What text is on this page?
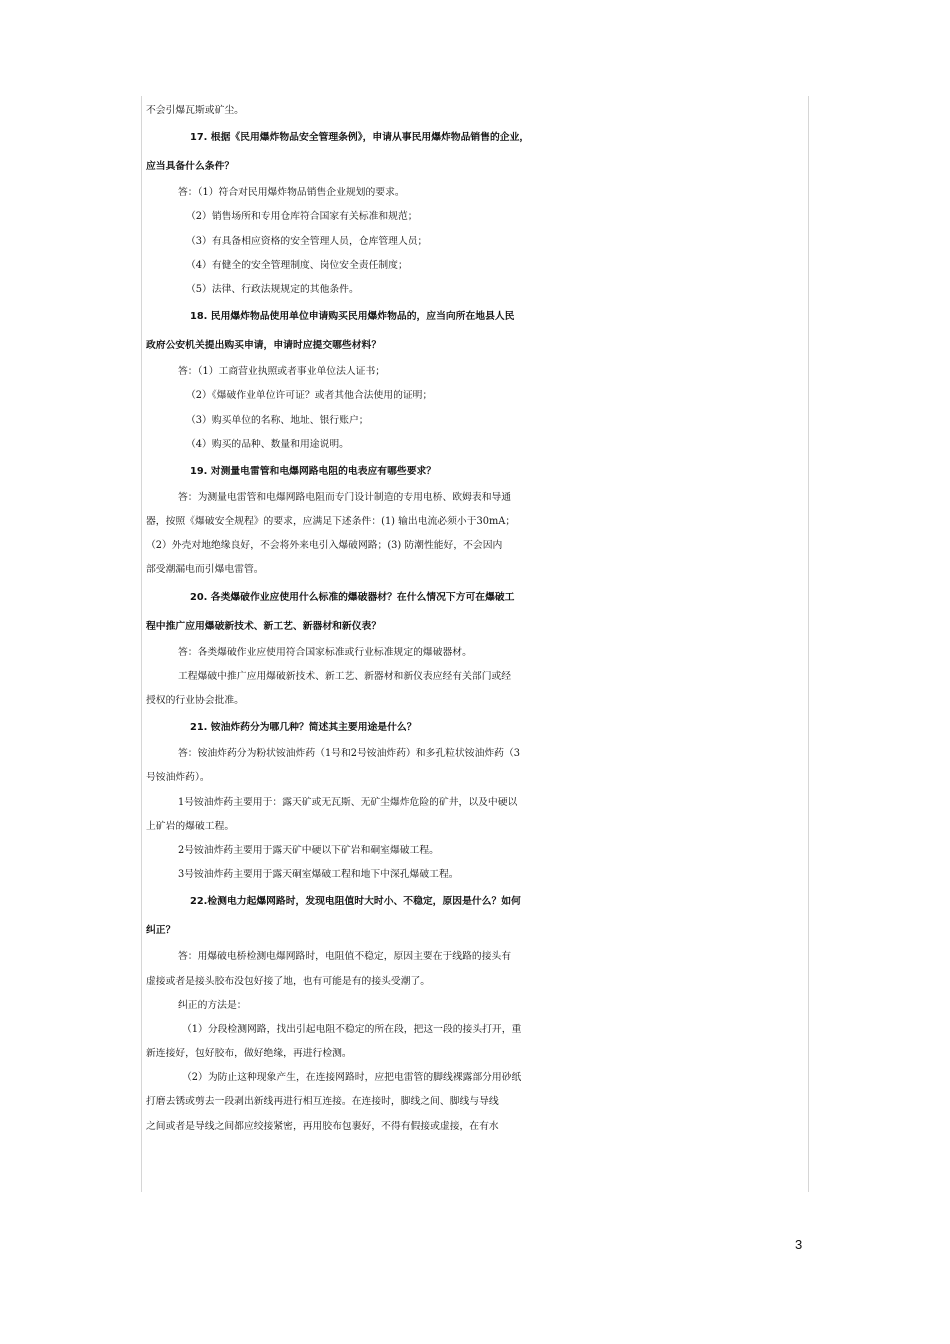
不会引爆瓦斯或矿尘。
17. 根据《民用爆炸物品安全管理条例》，申请从事民用爆炸物品销售的企业，
应当具备什么条件？
答：（1）符合对民用爆炸物品销售企业规划的要求。
（2）销售场所和专用仓库符合国家有关标准和规范；
（3）有具备相应资格的安全管理人员，仓库管理人员；
（4）有健全的安全管理制度、岗位安全责任制度；
（5）法律、行政法规规定的其他条件。
18. 民用爆炸物品使用单位申请购买民用爆炸物品的，应当向所在地县人民
政府公安机关提出购买申请，申请时应提交哪些材料？
答：（1）工商营业执照或者事业单位法人证书；
（2）《爆破作业单位许可证？或者其他合法使用的证明；
（3）购买单位的名称、地址、银行账户；
（4）购买的品种、数量和用途说明。
19. 对测量电雷管和电爆网路电阻的电表应有哪些要求？
答：为测量电雷管和电爆网路电阻而专门设计制造的专用电桥、欧姆表和导通
器，按照《爆破安全规程》的要求，应满足下述条件：(1) 输出电流必须小于30mA；
（2）外壳对地绝缘良好，不会将外来电引入爆破网路；(3) 防潮性能好，不会因内
部受潮漏电而引爆电雷管。
20. 各类爆破作业应使用什么标准的爆破器材？在什么情况下方可在爆破工
程中推广应用爆破新技术、新工艺、新器材和新仪表？
答：各类爆破作业应使用符合国家标准或行业标准规定的爆破器材。
工程爆破中推广应用爆破新技术、新工艺、新器材和新仪表应经有关部门或经
授权的行业协会批准。
21. 铵油炸药分为哪几种？简述其主要用途是什么？
答：铵油炸药分为粉状铵油炸药（1号和2号铵油炸药）和多孔粒状铵油炸药（3
号铵油炸药）。
1号铵油炸药主要用于：露天矿或无瓦斯、无矿尘爆炸危险的矿井，以及中硬以
上矿岩的爆破工程。
2号铵油炸药主要用于露天矿中硬以下矿岩和硐室爆破工程。
3号铵油炸药主要用于露天硐室爆破工程和地下中深孔爆破工程。
22.检测电力起爆网路时，发现电阻值时大时小、不稳定，原因是什么？如何
纠正？
答：用爆破电桥检测电爆网路时，电阻值不稳定，原因主要在于线路的接头有
虚接或者是接头胶布没包好接了地，也有可能是有的接头受潮了。
纠正的方法是：
（1）分段检测网路，找出引起电阻不稳定的所在段，把这一段的接头打开，重
新连接好，包好胶布，做好绝缘，再进行检测。
（2）为防止这种现象产生，在连接网路时，应把电雷管的脚线裸露部分用砂纸
打磨去锈或剪去一段剥出新线再进行相互连接。在连接时，脚线之间、脚线与导线
之间或者是导线之间都应绞接紧密，再用胶布包裹好，不得有假接或虚接，在有水
3
